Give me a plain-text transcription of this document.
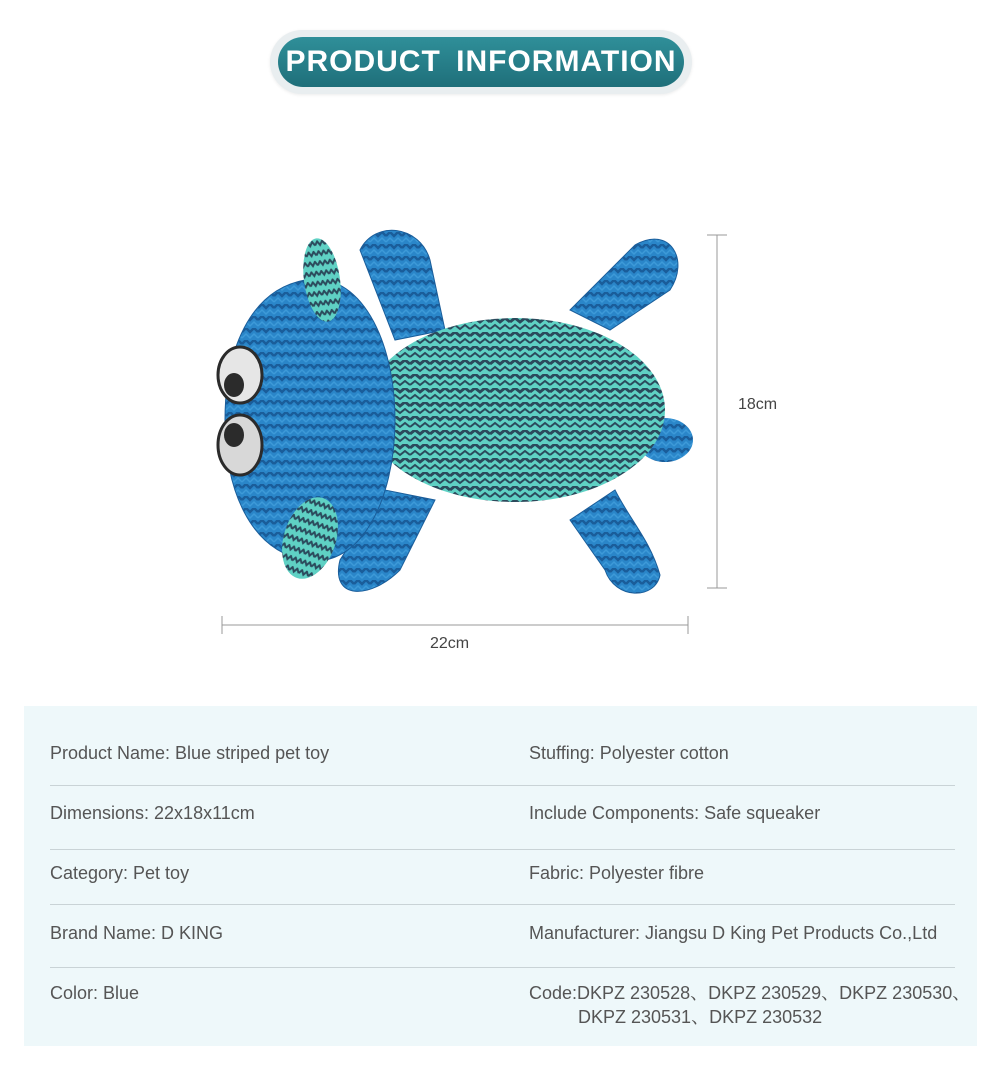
PRODUCT INFORMATION
18cm
22cm
Product Name: Blue striped pet toy	Stuffing: Polyester cotton
Dimensions: 22x18x11cm	Include Components: Safe squeaker
Category: Pet toy	Fabric: Polyester fibre
Brand Name: D KING	Manufacturer: Jiangsu D King Pet Products Co.,Ltd
Color: Blue	Code:DKPZ 230528、DKPZ 230529、DKPZ 230530、
DKPZ 230531、DKPZ 230532
